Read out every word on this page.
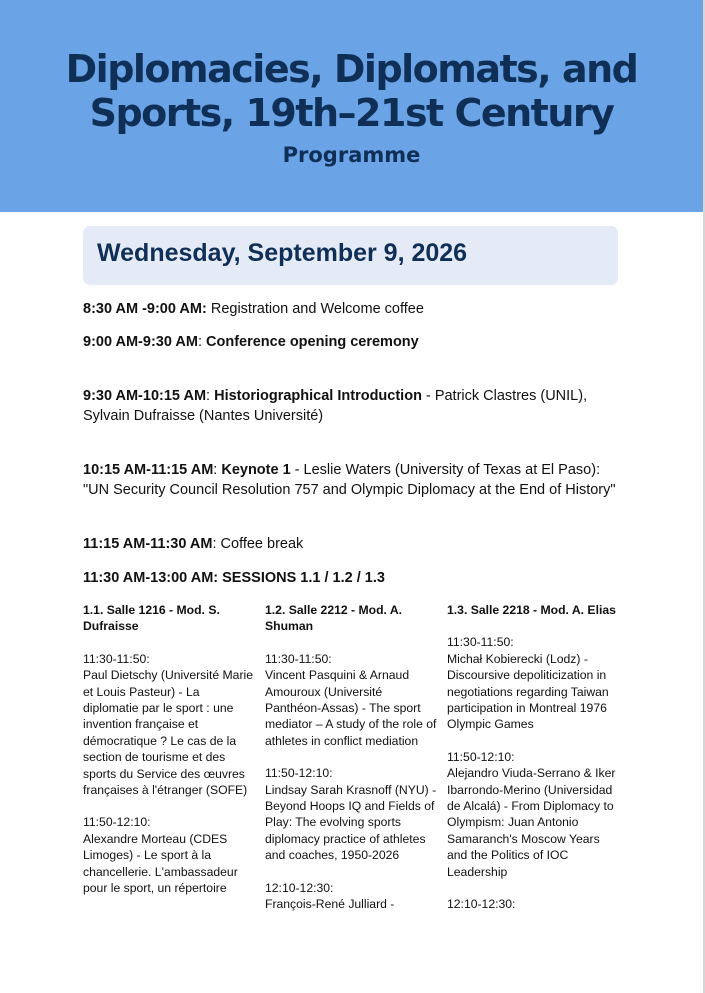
Diplomacies, Diplomats, and Sports, 19th–21st Century
Programme
Wednesday, September 9, 2026
8:30 AM -9:00 AM: Registration and Welcome coffee
9:00 AM-9:30 AM: Conference opening ceremony
9:30 AM-10:15 AM: Historiographical Introduction - Patrick Clastres (UNIL), Sylvain Dufraisse (Nantes Université)
10:15 AM-11:15 AM: Keynote 1 - Leslie Waters (University of Texas at El Paso): "UN Security Council Resolution 757 and Olympic Diplomacy at the End of History"
11:15 AM-11:30 AM: Coffee break
11:30 AM-13:00 AM: SESSIONS 1.1 / 1.2 / 1.3
1.1. Salle 1216 - Mod. S. Dufraisse
11:30-11:50:
Paul Dietschy (Université Marie et Louis Pasteur) - La diplomatie par le sport : une invention française et démocratique ? Le cas de la section de tourisme et des sports du Service des œuvres françaises à l'étranger (SOFE)
11:50-12:10:
Alexandre Morteau (CDES Limoges) - Le sport à la chancellerie. L'ambassadeur pour le sport, un répertoire
1.2. Salle 2212 - Mod. A. Shuman
11:30-11:50:
Vincent Pasquini & Arnaud Amouroux (Université Panthéon-Assas) - The sport mediator – A study of the role of athletes in conflict mediation
11:50-12:10:
Lindsay Sarah Krasnoff (NYU) - Beyond Hoops IQ and Fields of Play: The evolving sports diplomacy practice of athletes and coaches, 1950-2026
12:10-12:30:
François-René Julliard -
1.3. Salle 2218 - Mod. A. Elias
11:30-11:50:
Michał Kobierecki (Lodz) - Discoursive depoliticization in negotiations regarding Taiwan participation in Montreal 1976 Olympic Games
11:50-12:10:
Alejandro Viuda-Serrano & Iker Ibarrondo-Merino (Universidad de Alcalá) - From Diplomacy to Olympism: Juan Antonio Samaranch's Moscow Years and the Politics of IOC Leadership
12:10-12:30:
